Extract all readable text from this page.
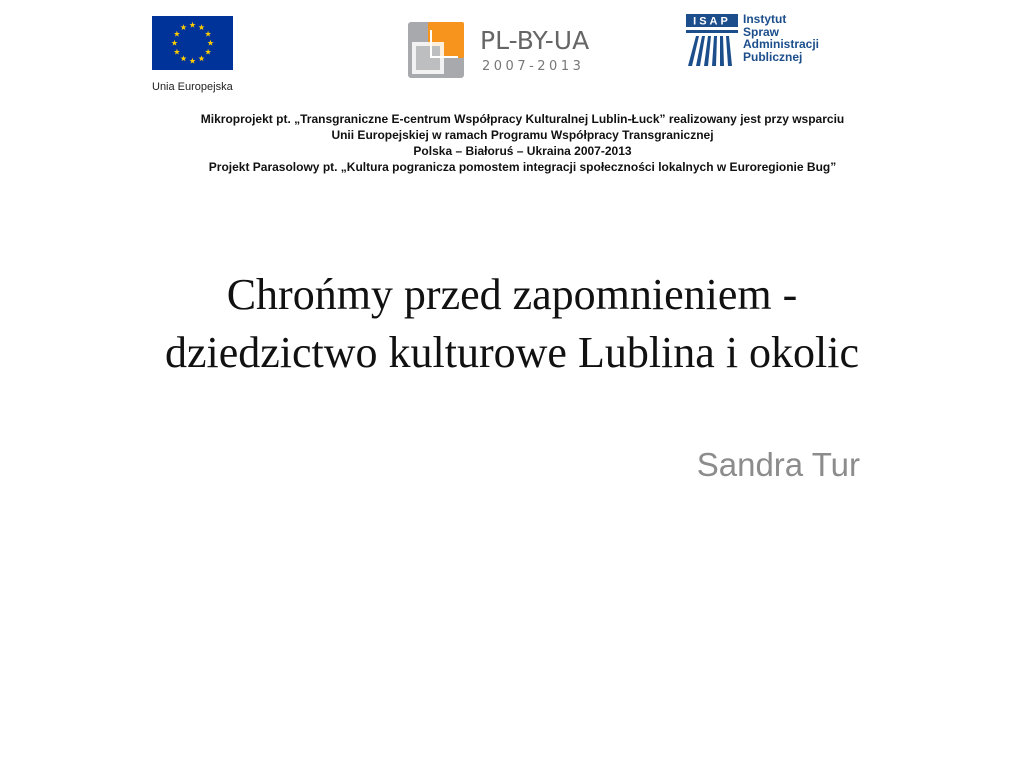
Unia Europejska
PL-BY-UA
2007-2013
ISAP Instytut
Spraw
Administracji
Publicznej
Mikroprojekt pt. „Transgraniczne E-centrum Współpracy Kulturalnej Lublin-Łuck” realizowany jest przy wsparciu
Unii Europejskiej w ramach Programu Współpracy Transgranicznej
Polska – Białoruś – Ukraina 2007-2013
Projekt Parasolowy pt. „Kultura pogranicza pomostem integracji społeczności lokalnych w Euroregionie Bug”
Chrońmy przed zapomnieniem -
dziedzictwo kulturowe Lublina i okolic
Sandra Tur
